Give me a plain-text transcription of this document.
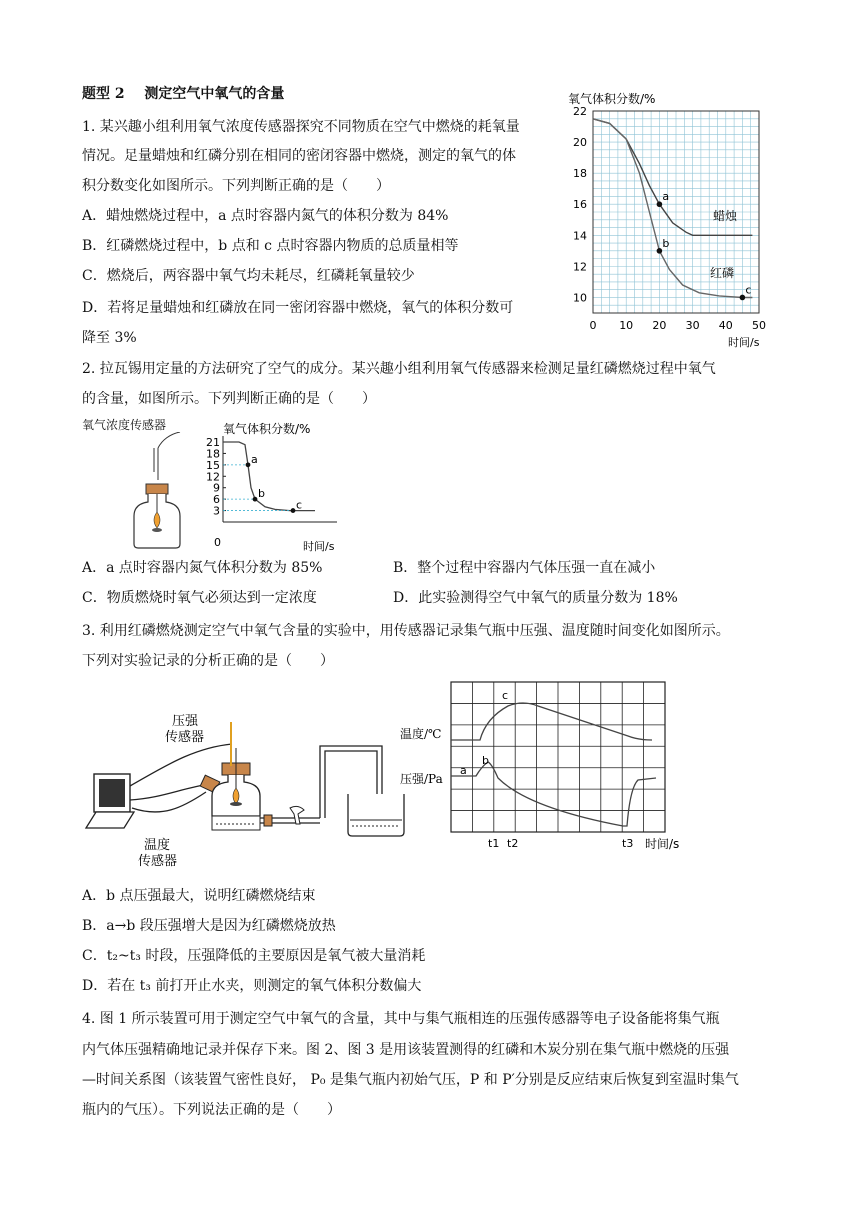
题型 2 测定空气中氧气的含量
1. 某兴趣小组利用氧气浓度传感器探究不同物质在空气中燃烧的耗氧量
情况。足量蜡烛和红磷分别在相同的密闭容器中燃烧，测定的氧气的体
积分数变化如图所示。下列判断正确的是（　　）
A．蜡烛燃烧过程中，a 点时容器内氮气的体积分数为 84%
B．红磷燃烧过程中，b 点和 c 点时容器内物质的总质量相等
C．燃烧后，两容器中氧气均未耗尽，红磷耗氧量较少
D．若将足量蜡烛和红磷放在同一密闭容器中燃烧，氧气的体积分数可
降至 3%
氧气体积分数/%
22
20
18
16
14
12
10
0 10 20 30 40 50
a
b
c
时间/s
蜡烛
红磷
2. 拉瓦锡用定量的方法研究了空气的成分。某兴趣小组利用氧气传感器来检测足量红磷燃烧过程中氧气
的含量，如图所示。下列判断正确的是（　　）
氧气浓度传感器	氧气体积分数/%
21
18
15
12
9
6
3
a
b
c
0	时间/s
A．a 点时容器内氮气体积分数为 85%	B．整个过程中容器内气体压强一直在减小
C．物质燃烧时氧气必须达到一定浓度	D．此实验测得空气中氧气的质量分数为 18%
3. 利用红磷燃烧测定空气中氧气含量的实验中，用传感器记录集气瓶中压强、温度随时间变化如图所示。
下列对实验记录的分析正确的是（　　）
压强
传感器
温度
传感器
温度/℃
压强/Pa
a
b
c
t1 t2	t3 时间/s
A．b 点压强最大，说明红磷燃烧结束
B．a→b 段压强增大是因为红磷燃烧放热
C．t₂~t₃ 时段，压强降低的主要原因是氧气被大量消耗
D．若在 t₃ 前打开止水夹，则测定的氧气体积分数偏大
4. 图 1 所示装置可用于测定空气中氧气的含量，其中与集气瓶相连的压强传感器等电子设备能将集气瓶
内气体压强精确地记录并保存下来。图 2、图 3 是用该装置测得的红磷和木炭分别在集气瓶中燃烧的压强
—时间关系图（该装置气密性良好， P₀ 是集气瓶内初始气压，P 和 P′分别是反应结束后恢复到室温时集气
瓶内的气压）。下列说法正确的是（　　）
